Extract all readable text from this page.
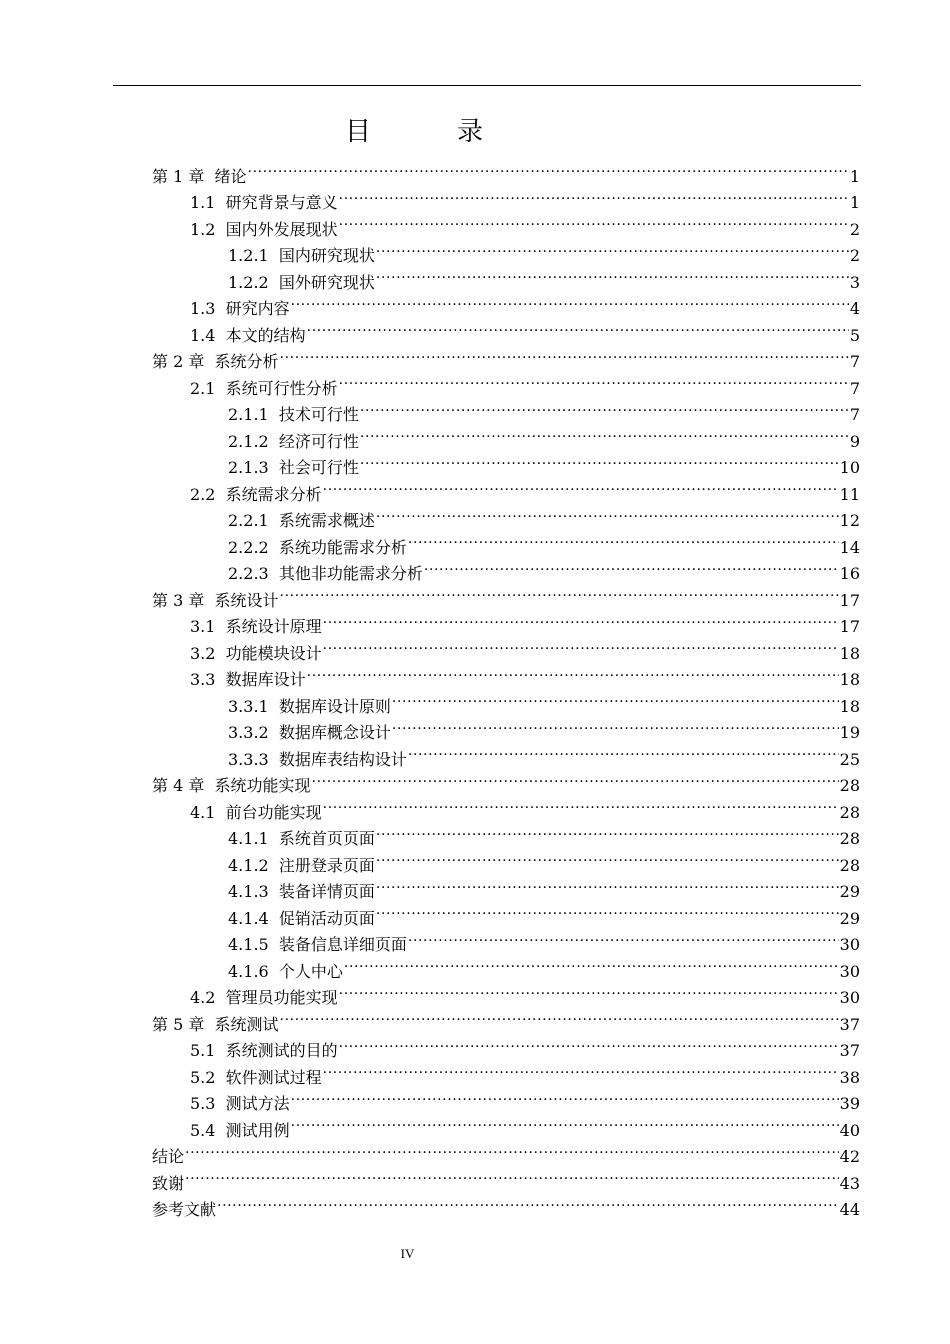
目　录
第 1 章 绪论 .....	1
1.1 研究背景与意义 .....	1
1.2 国内外发展现状 .....	2
1.2.1 国内研究现状 .....	2
1.2.2 国外研究现状 .....	3
1.3 研究内容 .....	4
1.4 本文的结构 .....	5
第 2 章 系统分析 .....	7
2.1 系统可行性分析 .....	7
2.1.1 技术可行性 .....	7
2.1.2 经济可行性 .....	9
2.1.3 社会可行性 .....	10
2.2 系统需求分析 .....	11
2.2.1 系统需求概述 .....	12
2.2.2 系统功能需求分析 .....	14
2.2.3 其他非功能需求分析 .....	16
第 3 章 系统设计 .....	17
3.1 系统设计原理 .....	17
3.2 功能模块设计 .....	18
3.3 数据库设计 .....	18
3.3.1 数据库设计原则 .....	18
3.3.2 数据库概念设计 .....	19
3.3.3 数据库表结构设计 .....	25
第 4 章 系统功能实现 .....	28
4.1 前台功能实现 .....	28
4.1.1 系统首页页面 .....	28
4.1.2 注册登录页面 .....	28
4.1.3 装备详情页面 .....	29
4.1.4 促销活动页面 .....	29
4.1.5 装备信息详细页面 .....	30
4.1.6 个人中心 .....	30
4.2 管理员功能实现 .....	30
第 5 章 系统测试 .....	37
5.1 系统测试的目的 .....	37
5.2 软件测试过程 .....	38
5.3 测试方法 .....	39
5.4 测试用例 .....	40
结论 .....	42
致谢 .....	43
参考文献 .....	44
IV
